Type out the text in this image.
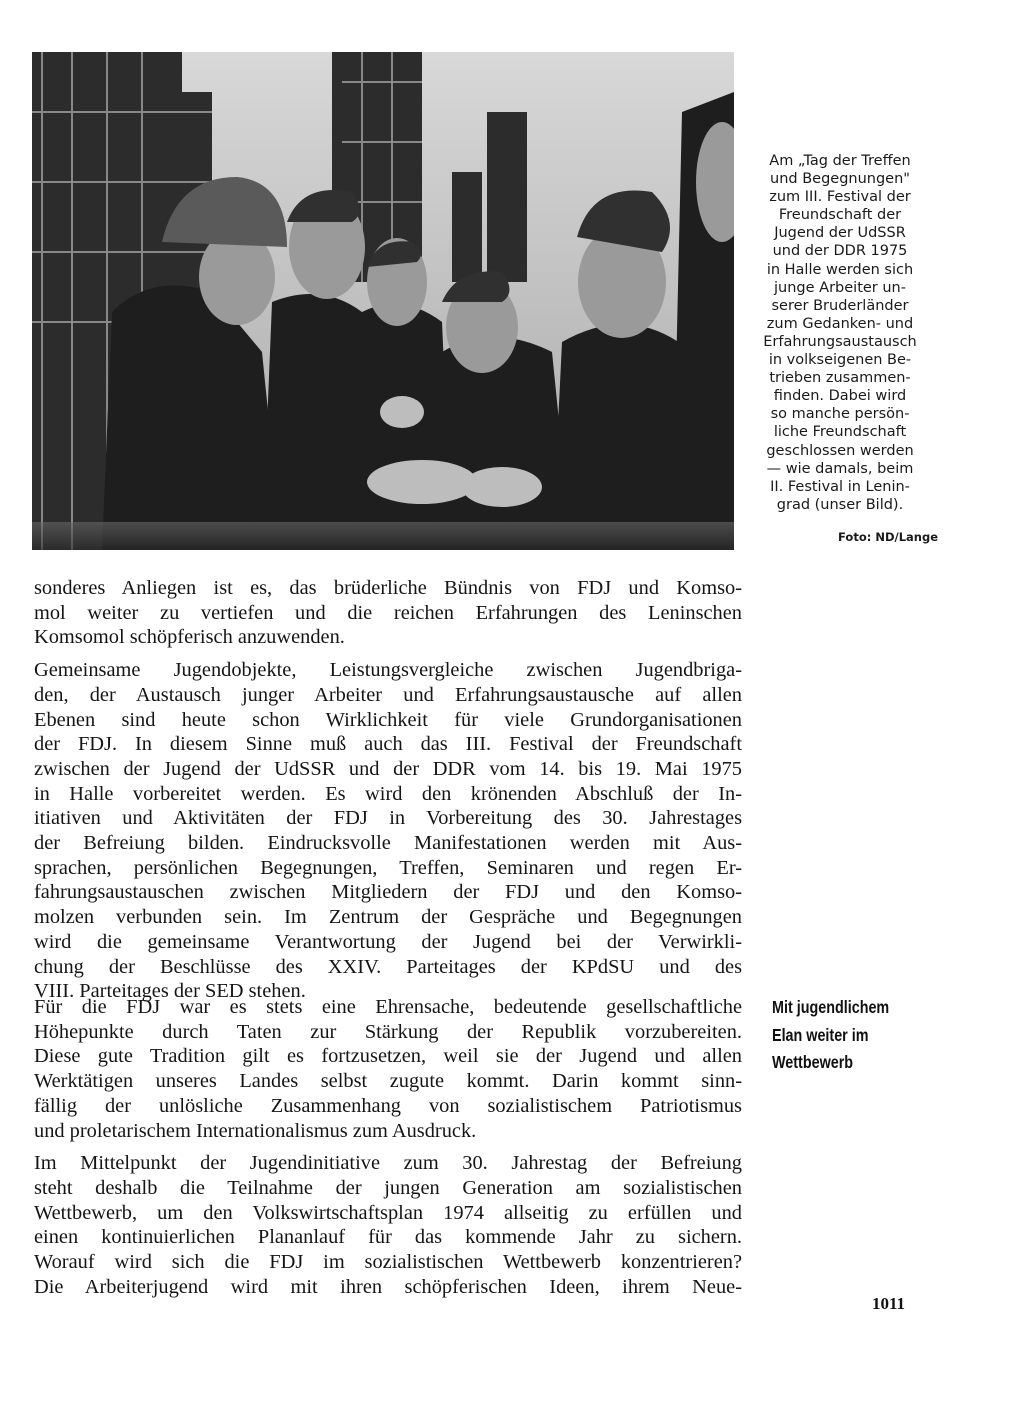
Am „Tag der Treffen
und Begegnungen"
zum III. Festival der
Freundschaft der
Jugend der UdSSR
und der DDR 1975
in Halle werden sich
junge Arbeiter un-
serer Bruderländer
zum Gedanken- und
Erfahrungsaustausch
in volkseigenen Be-
trieben zusammen-
finden. Dabei wird
so manche persön-
liche Freundschaft
geschlossen werden
— wie damals, beim
II. Festival in Lenin-
grad (unser Bild).
Foto: ND/Lange
sonderes Anliegen ist es, das brüderliche Bündnis von FDJ und Komso-
mol weiter zu vertiefen und die reichen Erfahrungen des Leninschen
Komsomol schöpferisch anzuwenden.
Gemeinsame Jugendobjekte, Leistungsvergleiche zwischen Jugendbriga-
den, der Austausch junger Arbeiter und Erfahrungsaustausche auf allen
Ebenen sind heute schon Wirklichkeit für viele Grundorganisationen
der FDJ. In diesem Sinne muß auch das III. Festival der Freundschaft
zwischen der Jugend der UdSSR und der DDR vom 14. bis 19. Mai 1975
in Halle vorbereitet werden. Es wird den krönenden Abschluß der In-
itiativen und Aktivitäten der FDJ in Vorbereitung des 30. Jahrestages
der Befreiung bilden. Eindrucksvolle Manifestationen werden mit Aus-
sprachen, persönlichen Begegnungen, Treffen, Seminaren und regen Er-
fahrungsaustauschen zwischen Mitgliedern der FDJ und den Komso-
molzen verbunden sein. Im Zentrum der Gespräche und Begegnungen
wird die gemeinsame Verantwortung der Jugend bei der Verwirkli-
chung der Beschlüsse des XXIV. Parteitages der KPdSU und des
VIII. Parteitages der SED stehen.
Mit jugendlichem
Elan weiter im
Wettbewerb
Für die FDJ war es stets eine Ehrensache, bedeutende gesellschaftliche
Höhepunkte durch Taten zur Stärkung der Republik vorzubereiten.
Diese gute Tradition gilt es fortzusetzen, weil sie der Jugend und allen
Werktätigen unseres Landes selbst zugute kommt. Darin kommt sinn-
fällig der unlösliche Zusammenhang von sozialistischem Patriotismus
und proletarischem Internationalismus zum Ausdruck.
Im Mittelpunkt der Jugendinitiative zum 30. Jahrestag der Befreiung
steht deshalb die Teilnahme der jungen Generation am sozialistischen
Wettbewerb, um den Volkswirtschaftsplan 1974 allseitig zu erfüllen und
einen kontinuierlichen Plananlauf für das kommende Jahr zu sichern.
Worauf wird sich die FDJ im sozialistischen Wettbewerb konzentrieren?
Die Arbeiterjugend wird mit ihren schöpferischen Ideen, ihrem Neue-
1011
